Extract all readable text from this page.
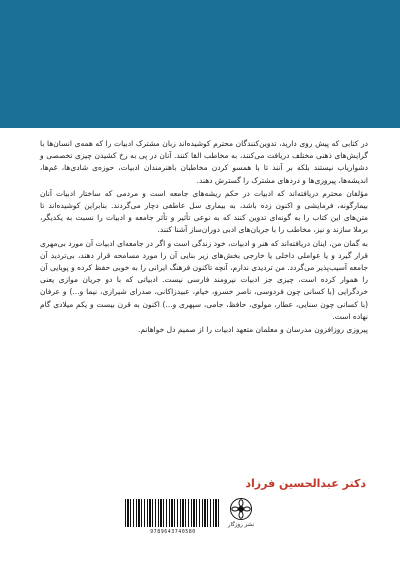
در کتابی که پیش روی دارید، تدوین‌کنندگان محترم کوشیده‌اند زبان مشترک ادبیات را که همه‌ی انسان‌ها با گرایش‌های ذهنی مختلف دریافت می‌کنند، به مخاطب القا کنند. آنان در پی به رخ کشیدن چیزی تخصصی و دشواریاب نیستند بلکه بر آنند تا با همسو کردن مخاطبان باهنرمندان ادبیات، حوزه‌ی شادی‌ها، غم‌ها، اندیشه‌ها، پیروزی‌ها و دردهای مشترک را گسترش دهند.

مؤلفان محترم دریافته‌اند که ادبیات در حکم ریشه‌های جامعه است و مردمی که ساختار ادبیات آنان بیمارگونه، فرمایشی و اکنون زده باشد، به بیماری سل عاطفی دچار می‌گردند. بنابراین کوشیده‌اند تا متن‌های این کتاب را به گونه‌ای تدوین کنند که به نوعی تأثیر و تأثر جامعه و ادبیات را نسبت به یکدیگر، برملا سازند و نیز، مخاطب را با جریان‌های ادبی دوران‌ساز آشنا کنند.

به گمان من، اینان دریافته‌اند که هنر و ادبیات، خود زندگی است و اگر در جامعه‌ای ادبیات آن مورد بی‌مهری قرار گیرد و یا عواملی داخلی یا خارجی بخش‌های زیر بنایی آن را مورد مسامحه قرار دهند، بی‌تردید آن جامعه آسیب‌پذیر می‌گردد. من تردیدی ندارم، آنچه تاکنون فرهنگ ایرانی را به خوبی حفظ کرده و پویایی آن را هموار کرده است، چیزی جز ادبیات نیرومند فارسی نیست. ادبیاتی که با دو جریان موازی یعنی خردگرایی (با کسانی چون فردوسی، ناصر خسرو، خیام، عبیدزاکانی، صدرای شیرازی، نیما و...) و عرفان (با کسانی چون سنایی، عطار، مولوی، حافظ، جامی، سپهری و...) اکنون به قرن بیست و یکم میلادی گام نهاده است.

پیروزی روزافزون مدرسان و معلمان متعهد ادبیات را از صمیم دل خواهانم.

دکتر عبدالحسین فرزاد
9789643740580
نشر روزگار
